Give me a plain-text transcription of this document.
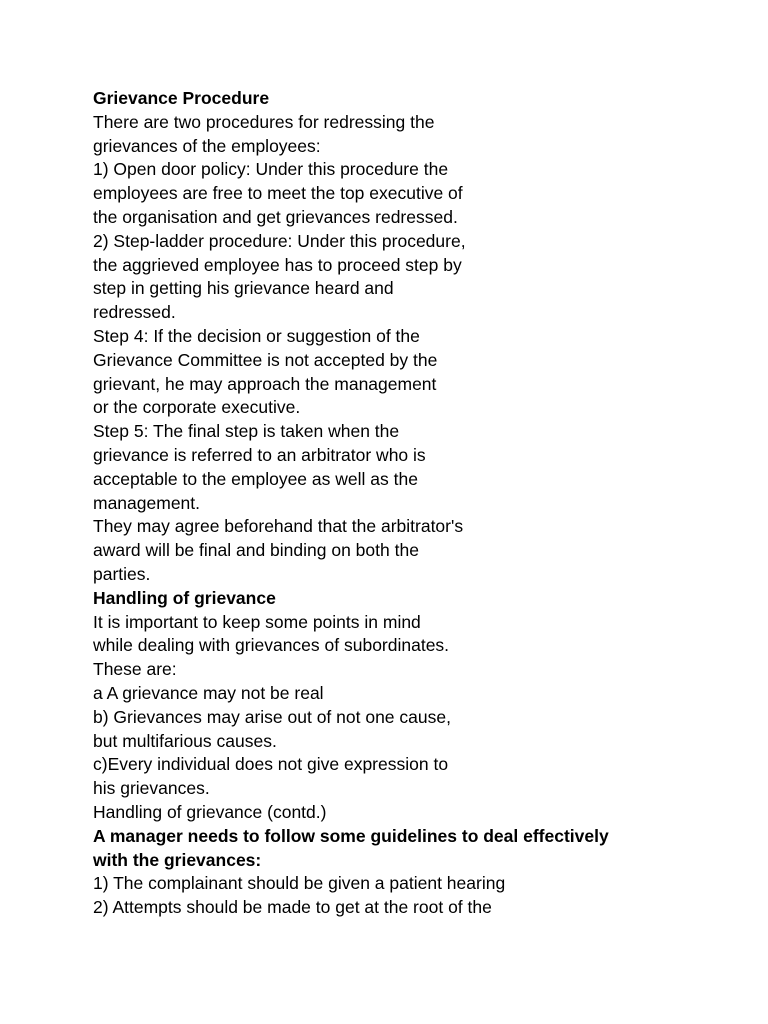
Grievance Procedure
There are two procedures for redressing the
grievances of the employees:
1) Open door policy: Under this procedure the
employees are free to meet the top executive of
the organisation and get grievances redressed.
2) Step-ladder procedure: Under this procedure,
the aggrieved employee has to proceed step by
step in getting his grievance heard and
redressed.
Step 4: If the decision or suggestion of the
Grievance Committee is not accepted by the
grievant, he may approach the management
or the corporate executive.
Step 5: The final step is taken when the
grievance is referred to an arbitrator who is
acceptable to the employee as well as the
management.
They may agree beforehand that the arbitrator's
award will be final and binding on both the
parties.
Handling of grievance
It is important to keep some points in mind
while dealing with grievances of subordinates.
These are:
a A grievance may not be real
b) Grievances may arise out of not one cause,
but multifarious causes.
c)Every individual does not give expression to
his grievances.
Handling of grievance (contd.)
A manager needs to follow some guidelines to deal effectively
with the grievances:
1) The complainant should be given a patient hearing
2) Attempts should be made to get at the root of the
